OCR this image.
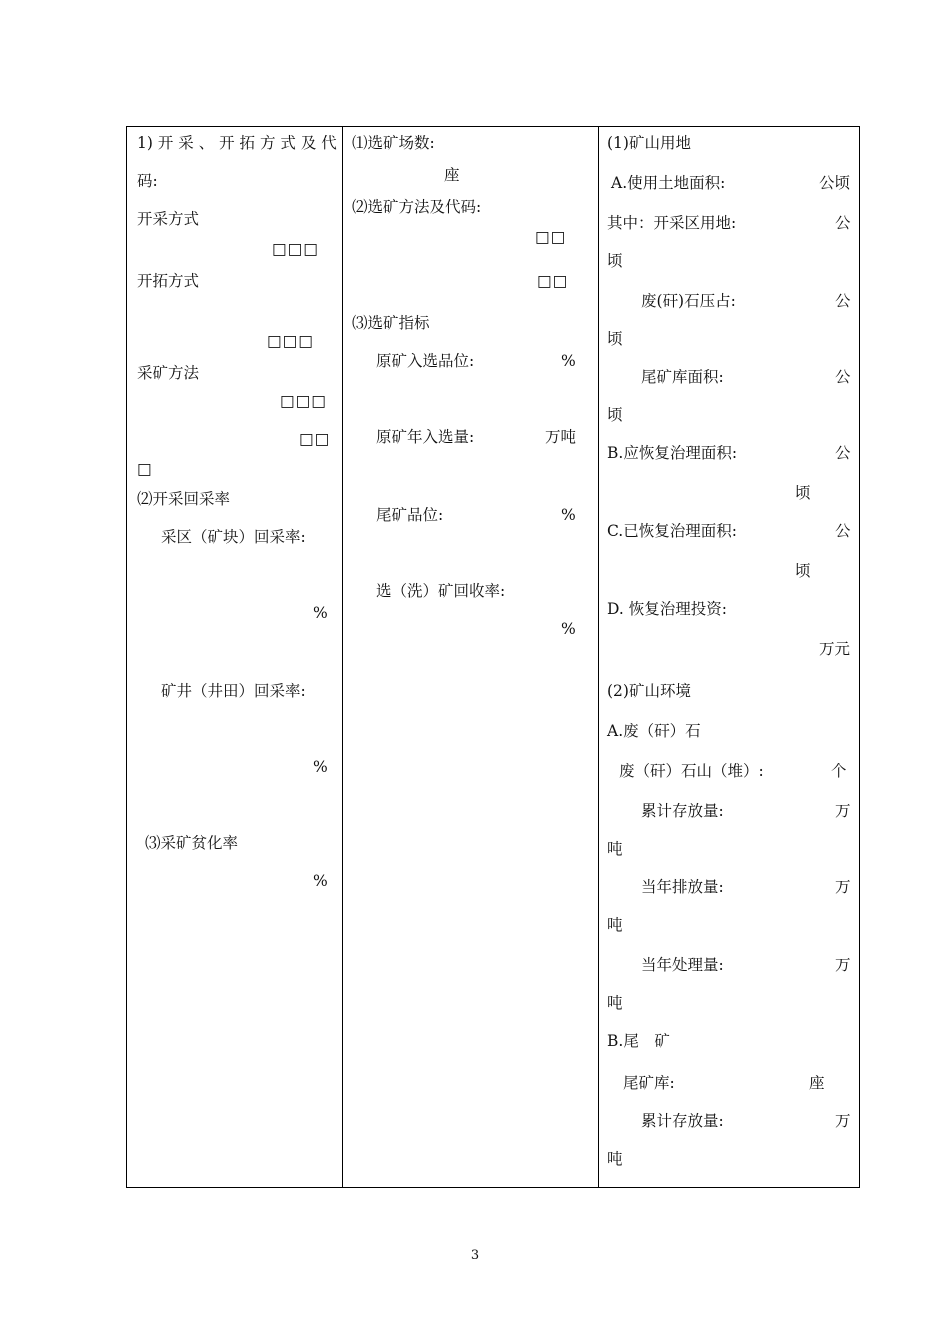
1) 开 采 、 开 拓 方 式 及 代
码:
开采方式
□□□
开拓方式
□□□
采矿方法
□□□
□□
□
⑵开采回采率
采区（矿块）回采率:
%
矿井（井田）回采率:
%
⑶采矿贫化率
%
⑴选矿场数:
座
⑵选矿方法及代码:
□□
□□
⑶选矿指标
原矿入选品位:	%
原矿年入选量:	万吨
尾矿品位:	%
选（洗）矿回收率:
%
(1)矿山用地
A.使用土地面积:	公顷
其中：开采区用地:	公
顷
废(矸)石压占:	公
顷
尾矿库面积:	公
顷
B.应恢复治理面积:	公
顷
C.已恢复治理面积:	公
顷
D. 恢复治理投资:
万元
(2)矿山环境
A.废（矸）石
废（矸）石山（堆）:	个
累计存放量:	万
吨
当年排放量:	万
吨
当年处理量:	万
吨
B.尾　矿
尾矿库:	座
累计存放量:	万
吨
3
